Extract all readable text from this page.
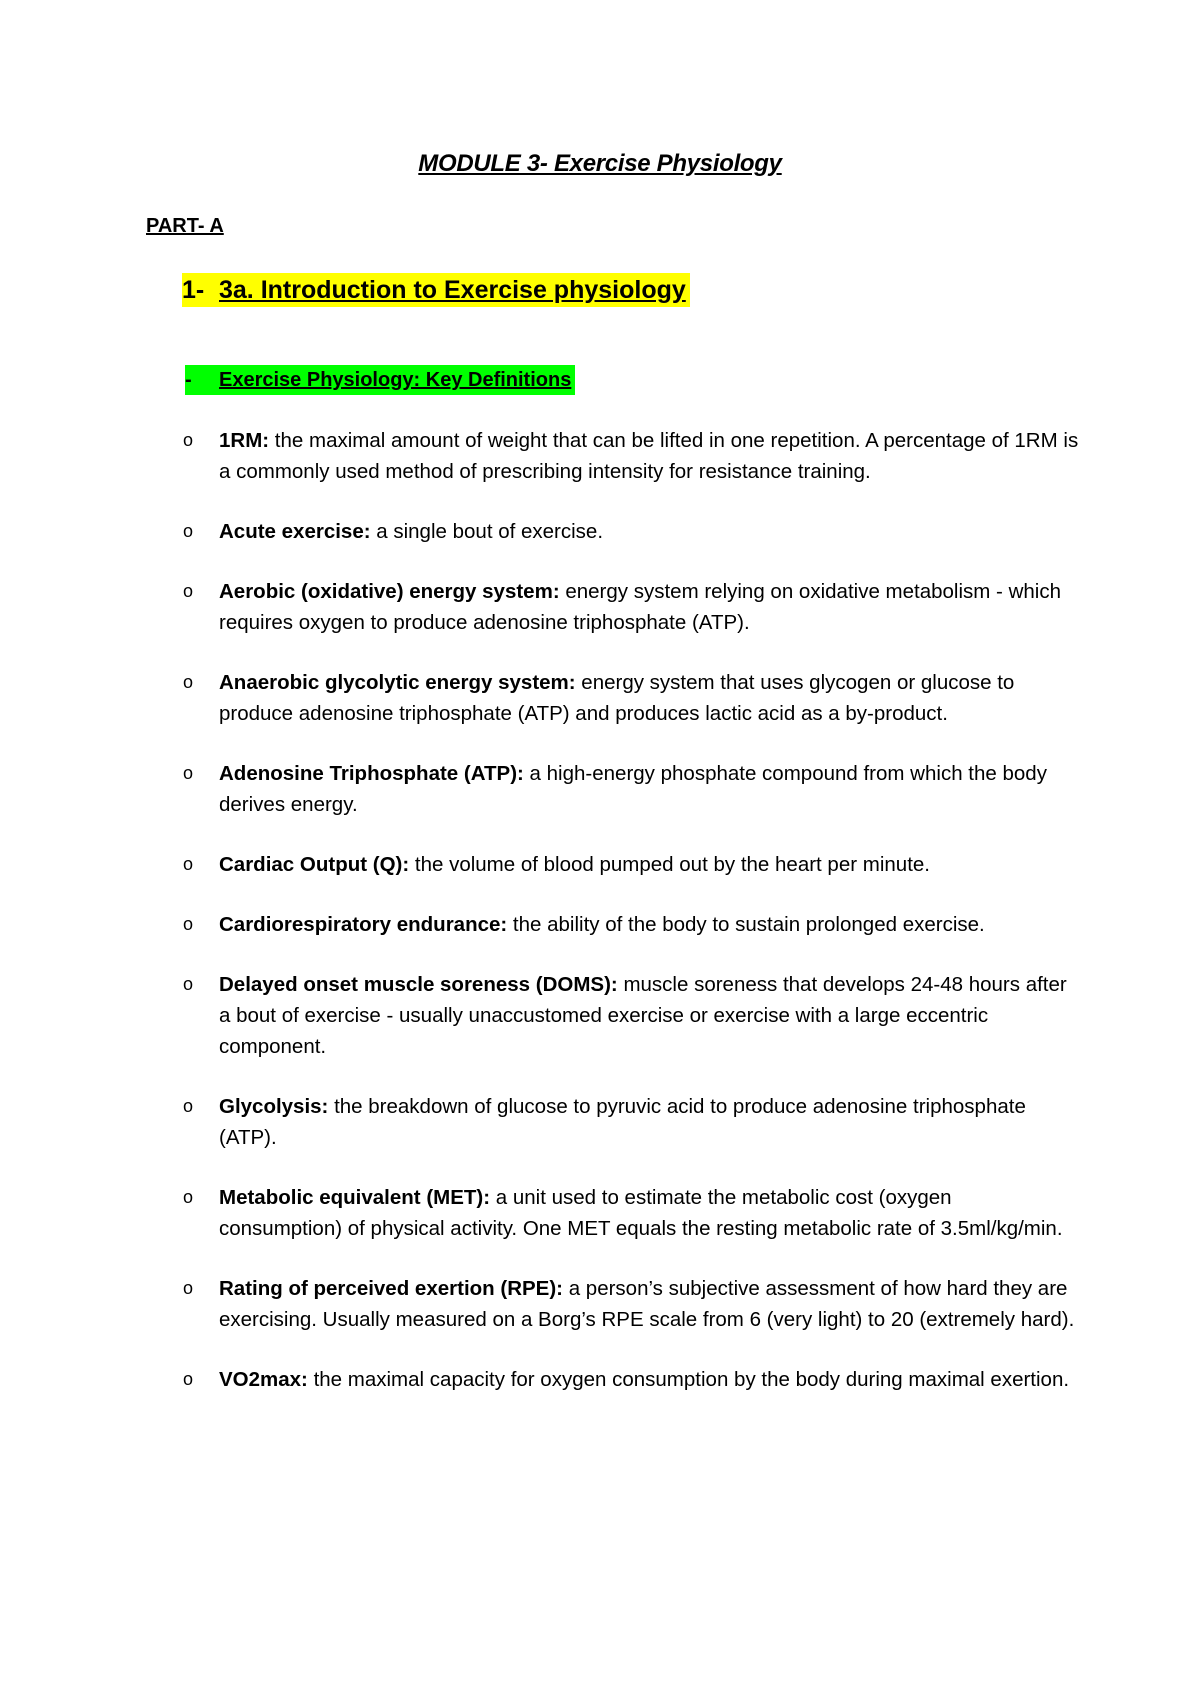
MODULE 3- Exercise Physiology
PART- A
1- 3a. Introduction to Exercise physiology
- Exercise Physiology: Key Definitions
o 1RM: the maximal amount of weight that can be lifted in one repetition. A percentage of 1RM is a commonly used method of prescribing intensity for resistance training.
o Acute exercise: a single bout of exercise.
o Aerobic (oxidative) energy system: energy system relying on oxidative metabolism - which requires oxygen to produce adenosine triphosphate (ATP).
o Anaerobic glycolytic energy system: energy system that uses glycogen or glucose to produce adenosine triphosphate (ATP) and produces lactic acid as a by-product.
o Adenosine Triphosphate (ATP): a high-energy phosphate compound from which the body derives energy.
o Cardiac Output (Q): the volume of blood pumped out by the heart per minute.
o Cardiorespiratory endurance: the ability of the body to sustain prolonged exercise.
o Delayed onset muscle soreness (DOMS): muscle soreness that develops 24-48 hours after a bout of exercise - usually unaccustomed exercise or exercise with a large eccentric component.
o Glycolysis: the breakdown of glucose to pyruvic acid to produce adenosine triphosphate (ATP).
o Metabolic equivalent (MET): a unit used to estimate the metabolic cost (oxygen consumption) of physical activity. One MET equals the resting metabolic rate of 3.5ml/kg/min.
o Rating of perceived exertion (RPE): a person’s subjective assessment of how hard they are exercising. Usually measured on a Borg’s RPE scale from 6 (very light) to 20 (extremely hard).
o VO2max: the maximal capacity for oxygen consumption by the body during maximal exertion.
